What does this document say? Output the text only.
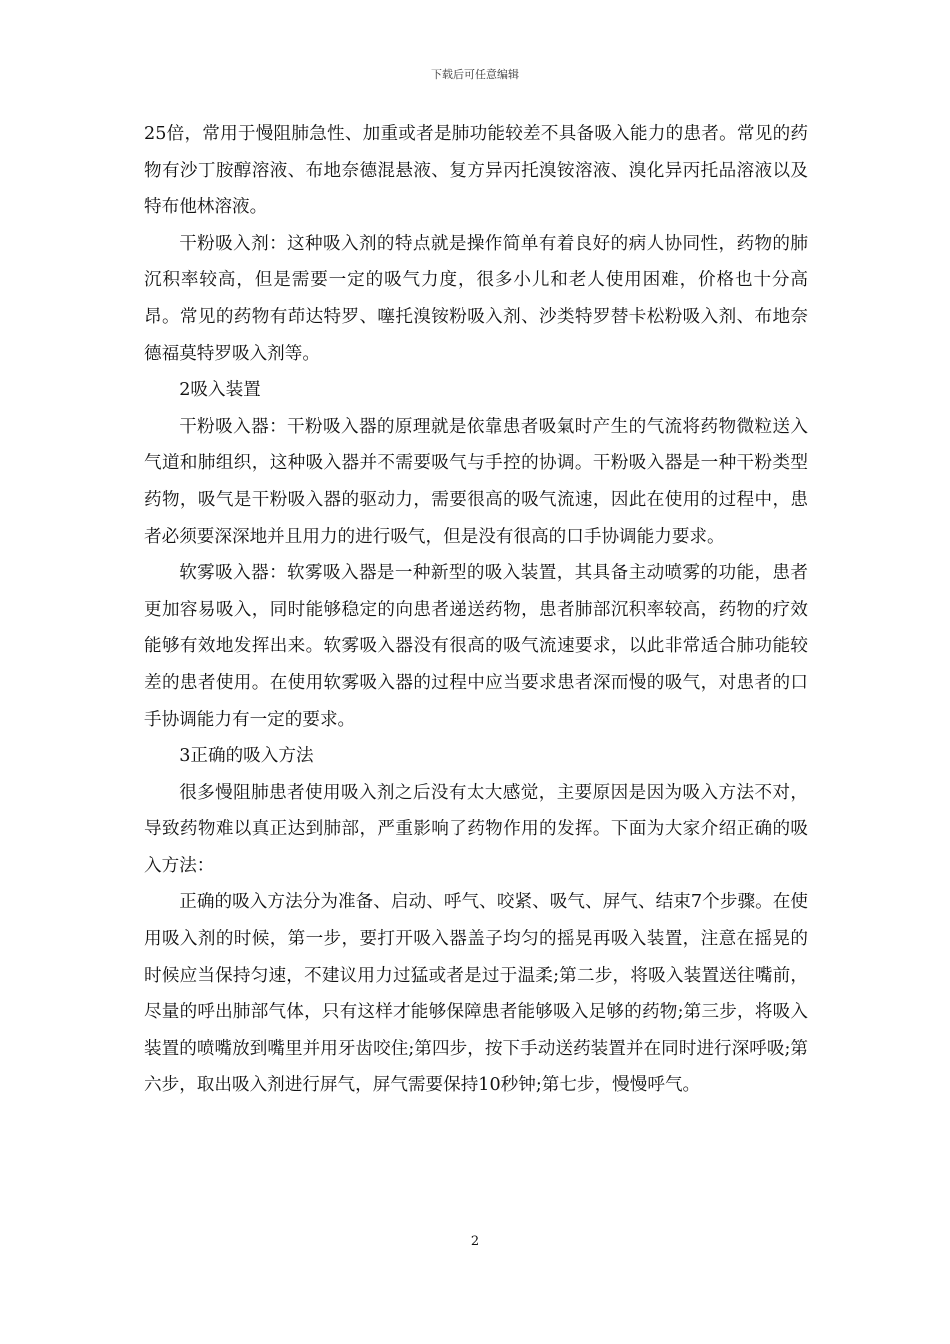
下载后可任意编辑

25倍，常用于慢阻肺急性、加重或者是肺功能较差不具备吸入能力的患者。常见的药物有沙丁胺醇溶液、布地奈德混悬液、复方异丙托溴铵溶液、溴化异丙托品溶液以及特布他林溶液。

干粉吸入剂：这种吸入剂的特点就是操作简单有着良好的病人协同性，药物的肺沉积率较高，但是需要一定的吸气力度，很多小儿和老人使用困难，价格也十分高昂。常见的药物有茚达特罗、噻托溴铵粉吸入剂、沙类特罗替卡松粉吸入剂、布地奈德福莫特罗吸入剂等。

2吸入装置

干粉吸入器：干粉吸入器的原理就是依靠患者吸氣时产生的气流将药物微粒送入气道和肺组织，这种吸入器并不需要吸气与手控的协调。干粉吸入器是一种干粉类型药物，吸气是干粉吸入器的驱动力，需要很高的吸气流速，因此在使用的过程中，患者必须要深深地并且用力的进行吸气，但是没有很高的口手协调能力要求。

软雾吸入器：软雾吸入器是一种新型的吸入装置，其具备主动喷雾的功能，患者更加容易吸入，同时能够稳定的向患者递送药物，患者肺部沉积率较高，药物的疗效能够有效地发挥出来。软雾吸入器没有很高的吸气流速要求，以此非常适合肺功能较差的患者使用。在使用软雾吸入器的过程中应当要求患者深而慢的吸气，对患者的口手协调能力有一定的要求。

3正确的吸入方法

很多慢阻肺患者使用吸入剂之后没有太大感觉，主要原因是因为吸入方法不对，导致药物难以真正达到肺部，严重影响了药物作用的发挥。下面为大家介绍正确的吸入方法：

正确的吸入方法分为准备、启动、呼气、咬紧、吸气、屏气、结束7个步骤。在使用吸入剂的时候，第一步，要打开吸入器盖子均匀的摇晃再吸入装置，注意在摇晃的时候应当保持匀速，不建议用力过猛或者是过于温柔;第二步，将吸入装置送往嘴前，尽量的呼出肺部气体，只有这样才能够保障患者能够吸入足够的药物;第三步，将吸入装置的喷嘴放到嘴里并用牙齿咬住;第四步，按下手动送药装置并在同时进行深呼吸;第六步，取出吸入剂进行屏气，屏气需要保持10秒钟;第七步，慢慢呼气。

2
